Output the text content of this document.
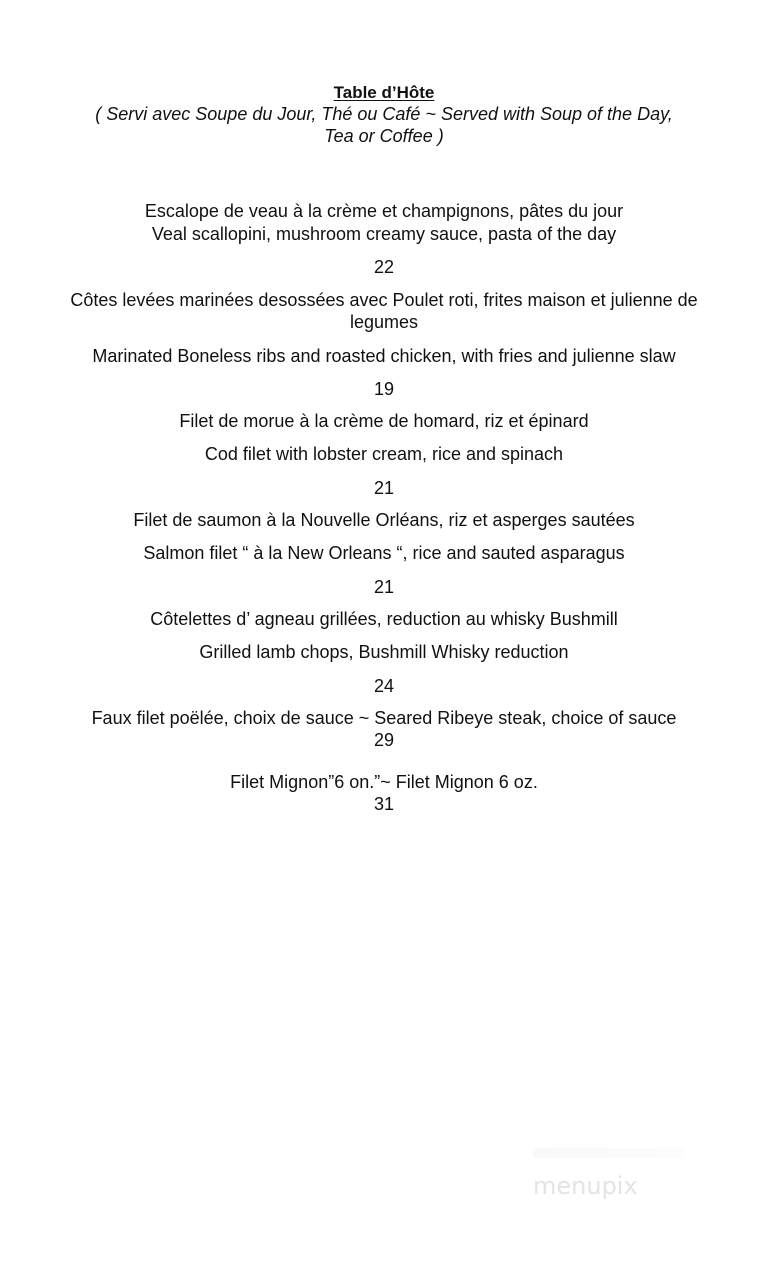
Table d’Hôte
( Servi avec Soupe du Jour, Thé ou Café ~ Served with Soup of the Day,
Tea or Coffee )
Escalope de veau à la crème et champignons, pâtes du jour
Veal scallopini, mushroom creamy sauce, pasta of the day
22
Côtes levées marinées desossées avec Poulet roti, frites maison et julienne de legumes
Marinated Boneless ribs and roasted chicken, with fries and julienne slaw
19
Filet de morue à la crème de homard, riz et épinard
Cod filet with lobster cream, rice and spinach
21
Filet de saumon à la Nouvelle Orléans, riz et asperges sautées
Salmon filet “ à la New Orleans “, rice and sauted asparagus
21
Côtelettes d’ agneau grillées, reduction au whisky Bushmill
Grilled lamb chops, Bushmill Whisky reduction
24
Faux filet poëlée, choix de sauce ~ Seared Ribeye steak, choice of sauce
29
Filet Mignon”6 on.”~ Filet Mignon 6 oz.
31
menupix
